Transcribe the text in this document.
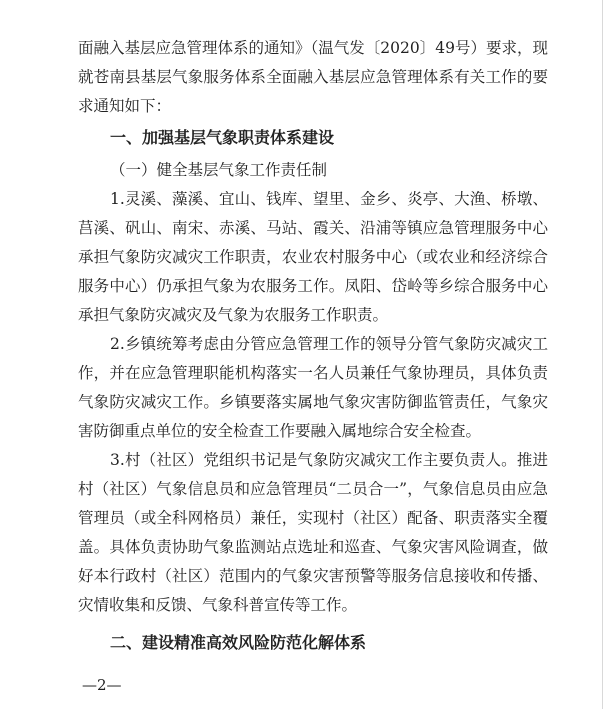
面融入基层应急管理体系的通知》（温气发〔2020〕49号）要求，现就苍南县基层气象服务体系全面融入基层应急管理体系有关工作的要求通知如下：

一、加强基层气象职责体系建设

（一）健全基层气象工作责任制

1.灵溪、藻溪、宜山、钱库、望里、金乡、炎亭、大渔、桥墩、莒溪、矾山、南宋、赤溪、马站、霞关、沿浦等镇应急管理服务中心承担气象防灾减灾工作职责，农业农村服务中心（或农业和经济综合服务中心）仍承担气象为农服务工作。凤阳、岱岭等乡综合服务中心承担气象防灾减灾及气象为农服务工作职责。

2.乡镇统筹考虑由分管应急管理工作的领导分管气象防灾减灾工作，并在应急管理职能机构落实一名人员兼任气象协理员，具体负责气象防灾减灾工作。乡镇要落实属地气象灾害防御监管责任，气象灾害防御重点单位的安全检查工作要融入属地综合安全检查。

3.村（社区）党组织书记是气象防灾减灾工作主要负责人。推进村（社区）气象信息员和应急管理员“二员合一”，气象信息员由应急管理员（或全科网格员）兼任，实现村（社区）配备、职责落实全覆盖。具体负责协助气象监测站点选址和巡查、气象灾害风险调查，做好本行政村（社区）范围内的气象灾害预警等服务信息接收和传播、灾情收集和反馈、气象科普宣传等工作。

二、建设精准高效风险防范化解体系

—2—
